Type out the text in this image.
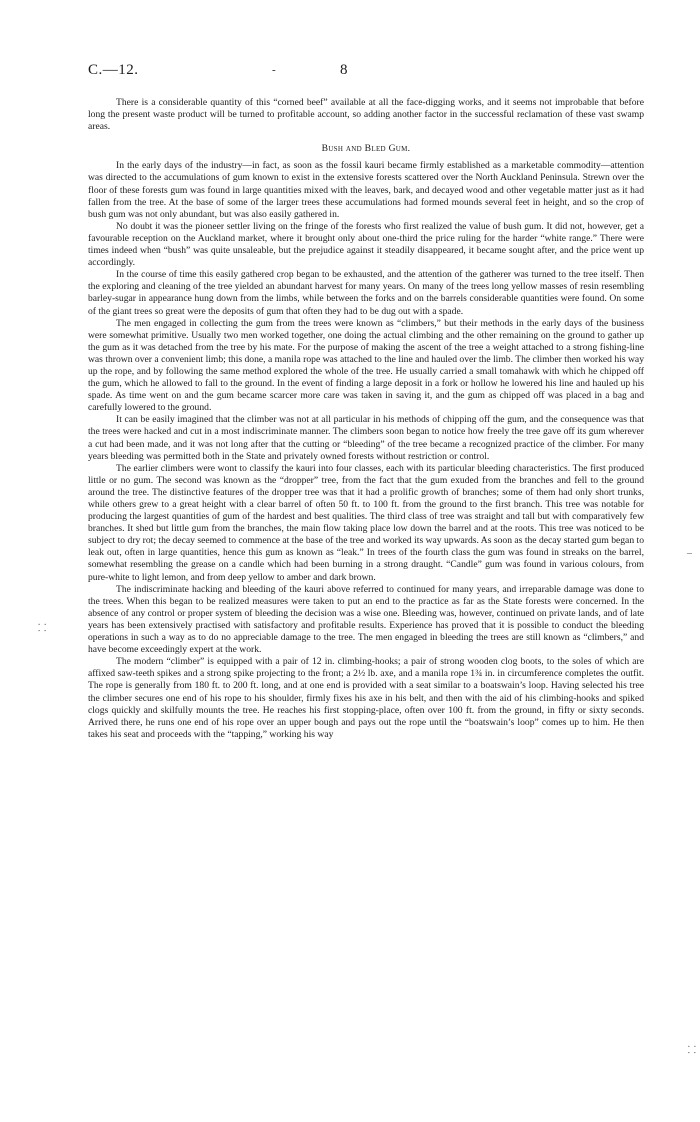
C.—12.	-	8

There is a considerable quantity of this “corned beef” available at all the face-digging works, and it seems not improbable that before long the present waste product will be turned to profitable account, so adding another factor in the successful reclamation of these vast swamp areas.

Bush and Bled Gum.

In the early days of the industry—in fact, as soon as the fossil kauri became firmly established as a marketable commodity—attention was directed to the accumulations of gum known to exist in the extensive forests scattered over the North Auckland Peninsula. Strewn over the floor of these forests gum was found in large quantities mixed with the leaves, bark, and decayed wood and other vegetable matter just as it had fallen from the tree. At the base of some of the larger trees these accumulations had formed mounds several feet in height, and so the crop of bush gum was not only abundant, but was also easily gathered in.

No doubt it was the pioneer settler living on the fringe of the forests who first realized the value of bush gum. It did not, however, get a favourable reception on the Auckland market, where it brought only about one-third the price ruling for the harder “white range.” There were times indeed when “bush” was quite unsaleable, but the prejudice against it steadily disappeared, it became sought after, and the price went up accordingly.

In the course of time this easily gathered crop began to be exhausted, and the attention of the gatherer was turned to the tree itself. Then the exploring and cleaning of the tree yielded an abundant harvest for many years. On many of the trees long yellow masses of resin resembling barley-sugar in appearance hung down from the limbs, while between the forks and on the barrels considerable quantities were found. On some of the giant trees so great were the deposits of gum that often they had to be dug out with a spade.

The men engaged in collecting the gum from the trees were known as “climbers,” but their methods in the early days of the business were somewhat primitive. Usually two men worked together, one doing the actual climbing and the other remaining on the ground to gather up the gum as it was detached from the tree by his mate. For the purpose of making the ascent of the tree a weight attached to a strong fishing-line was thrown over a convenient limb; this done, a manila rope was attached to the line and hauled over the limb. The climber then worked his way up the rope, and by following the same method explored the whole of the tree. He usually carried a small tomahawk with which he chipped off the gum, which he allowed to fall to the ground. In the event of finding a large deposit in a fork or hollow he lowered his line and hauled up his spade. As time went on and the gum became scarcer more care was taken in saving it, and the gum as chipped off was placed in a bag and carefully lowered to the ground.

It can be easily imagined that the climber was not at all particular in his methods of chipping off the gum, and the consequence was that the trees were hacked and cut in a most indiscriminate manner. The climbers soon began to notice how freely the tree gave off its gum wherever a cut had been made, and it was not long after that the cutting or “bleeding” of the tree became a recognized practice of the climber. For many years bleeding was permitted both in the State and privately owned forests without restriction or control.

The earlier climbers were wont to classify the kauri into four classes, each with its particular bleeding characteristics. The first produced little or no gum. The second was known as the “dropper” tree, from the fact that the gum exuded from the branches and fell to the ground around the tree. The distinctive features of the dropper tree was that it had a prolific growth of branches; some of them had only short trunks, while others grew to a great height with a clear barrel of often 50 ft. to 100 ft. from the ground to the first branch. This tree was notable for producing the largest quantities of gum of the hardest and best qualities. The third class of tree was straight and tall but with comparatively few branches. It shed but little gum from the branches, the main flow taking place low down the barrel and at the roots. This tree was noticed to be subject to dry rot; the decay seemed to commence at the base of the tree and worked its way upwards. As soon as the decay started gum began to leak out, often in large quantities, hence this gum as known as “leak.” In trees of the fourth class the gum was found in streaks on the barrel, somewhat resembling the grease on a candle which had been burning in a strong draught. “Candle” gum was found in various colours, from pure-white to light lemon, and from deep yellow to amber and dark brown.

The indiscriminate hacking and bleeding of the kauri above referred to continued for many years, and irreparable damage was done to the trees. When this began to be realized measures were taken to put an end to the practice as far as the State forests were concerned. In the absence of any control or proper system of bleeding the decision was a wise one. Bleeding was, however, continued on private lands, and of late years has been extensively practised with satisfactory and profitable results. Experience has proved that it is possible to conduct the bleeding operations in such a way as to do no appreciable damage to the tree. The men engaged in bleeding the trees are still known as “climbers,” and have become exceedingly expert at the work.

The modern “climber” is equipped with a pair of 12 in. climbing-hooks; a pair of strong wooden clog boots, to the soles of which are affixed saw-teeth spikes and a strong spike projecting to the front; a 2½ lb. axe, and a manila rope 1¾ in. in circumference completes the outfit. The rope is generally from 180 ft. to 200 ft. long, and at one end is provided with a seat similar to a boatswain’s loop. Having selected his tree the climber secures one end of his rope to his shoulder, firmly fixes his axe in his belt, and then with the aid of his climbing-hooks and spiked clogs quickly and skilfully mounts the tree. He reaches his first stopping-place, often over 100 ft. from the ground, in fifty or sixty seconds. Arrived there, he runs one end of his rope over an upper bough and pays out the rope until the “boatswain’s loop” comes up to him. He then takes his seat and proceeds with the “tapping,” working his way

–
⸬
⸬
